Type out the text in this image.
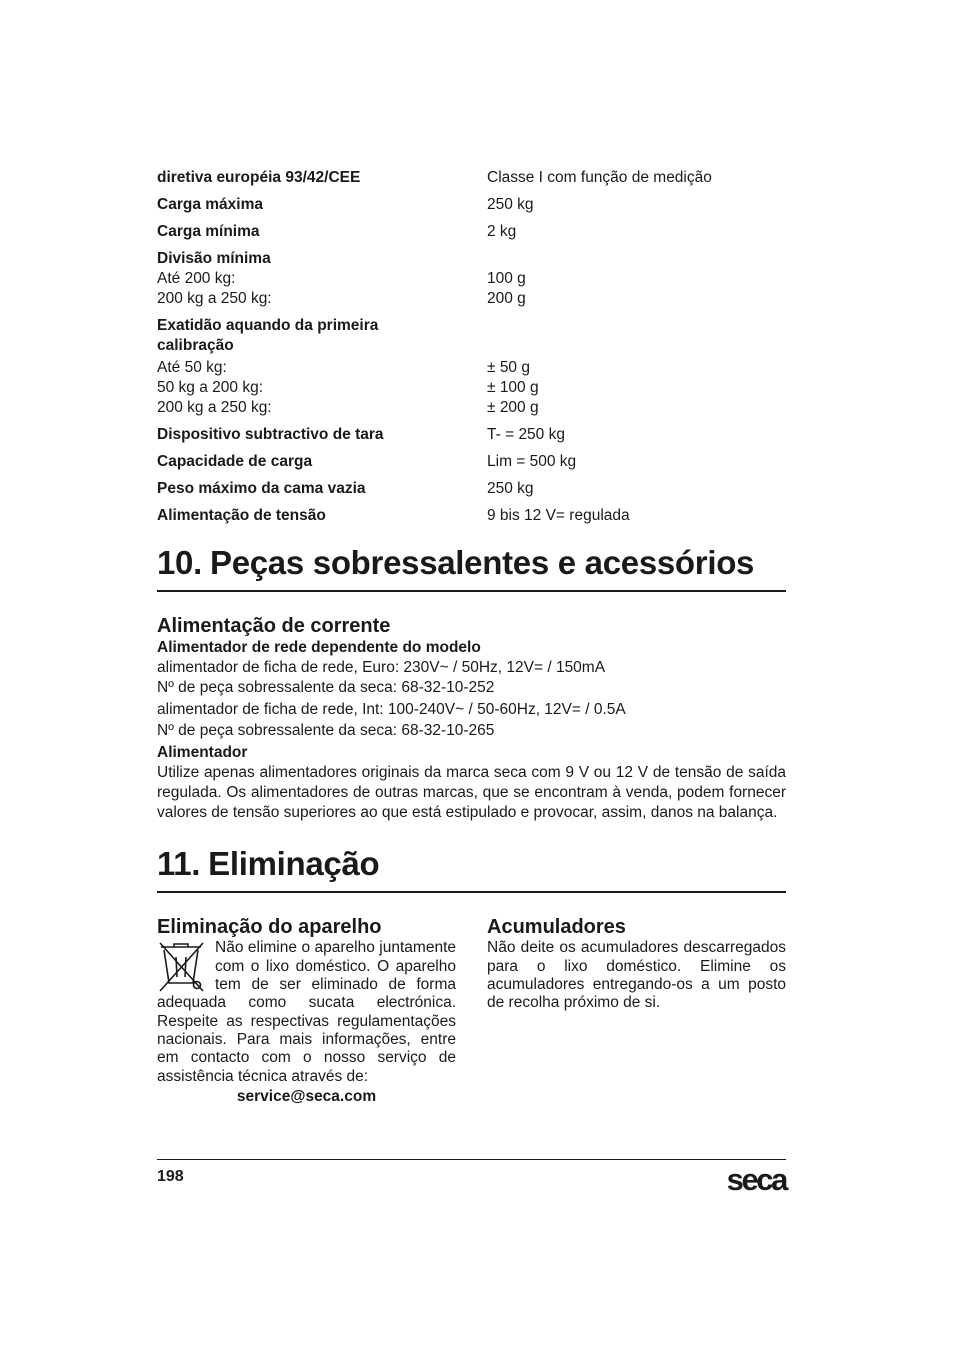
diretiva européia 93/42/CEE	Classe I com função de medição
Carga máxima	250 kg
Carga mínima	2 kg
Divisão mínima
Até 200 kg:	100 g
200 kg a 250 kg:	200 g
Exatidão aquando da primeira
calibração
Até 50 kg:	± 50 g
50 kg a 200 kg:	± 100 g
200 kg a 250 kg:	± 200 g
Dispositivo subtractivo de tara	T- = 250 kg
Capacidade de carga	Lim = 500 kg
Peso máximo da cama vazia	250 kg
Alimentação de tensão	9 bis 12 V= regulada
10. Peças sobressalentes e acessórios
Alimentação de corrente
Alimentador de rede dependente do modelo

alimentador de ficha de rede, Euro: 230V~ / 50Hz, 12V= / 150mA

Nº de peça sobressalente da seca: 68-32-10-252

alimentador de ficha de rede, Int: 100-240V~ / 50-60Hz, 12V= / 0.5A

Nº de peça sobressalente da seca: 68-32-10-265

Alimentador

Utilize apenas alimentadores originais da marca seca com 9 V ou 12 V de tensão de saída regulada. Os alimentadores de outras marcas, que se encontram à venda, podem fornecer valores de tensão superiores ao que está estipulado e provocar, assim, danos na balança.

11. Eliminação
Eliminação do aparelho

Não elimine o aparelho juntamente com o lixo doméstico. O aparelho tem de ser eliminado de forma adequada como sucata electrónica. Respeite as respectivas regulamentações nacionais. Para mais informações, entre em contacto com o nosso serviço de assistência técnica através de:

service@seca.com

Acumuladores

Não deite os acumuladores descarregados para o lixo doméstico. Elimine os acumuladores entregando-os a um posto de recolha próximo de si.

198	seca
